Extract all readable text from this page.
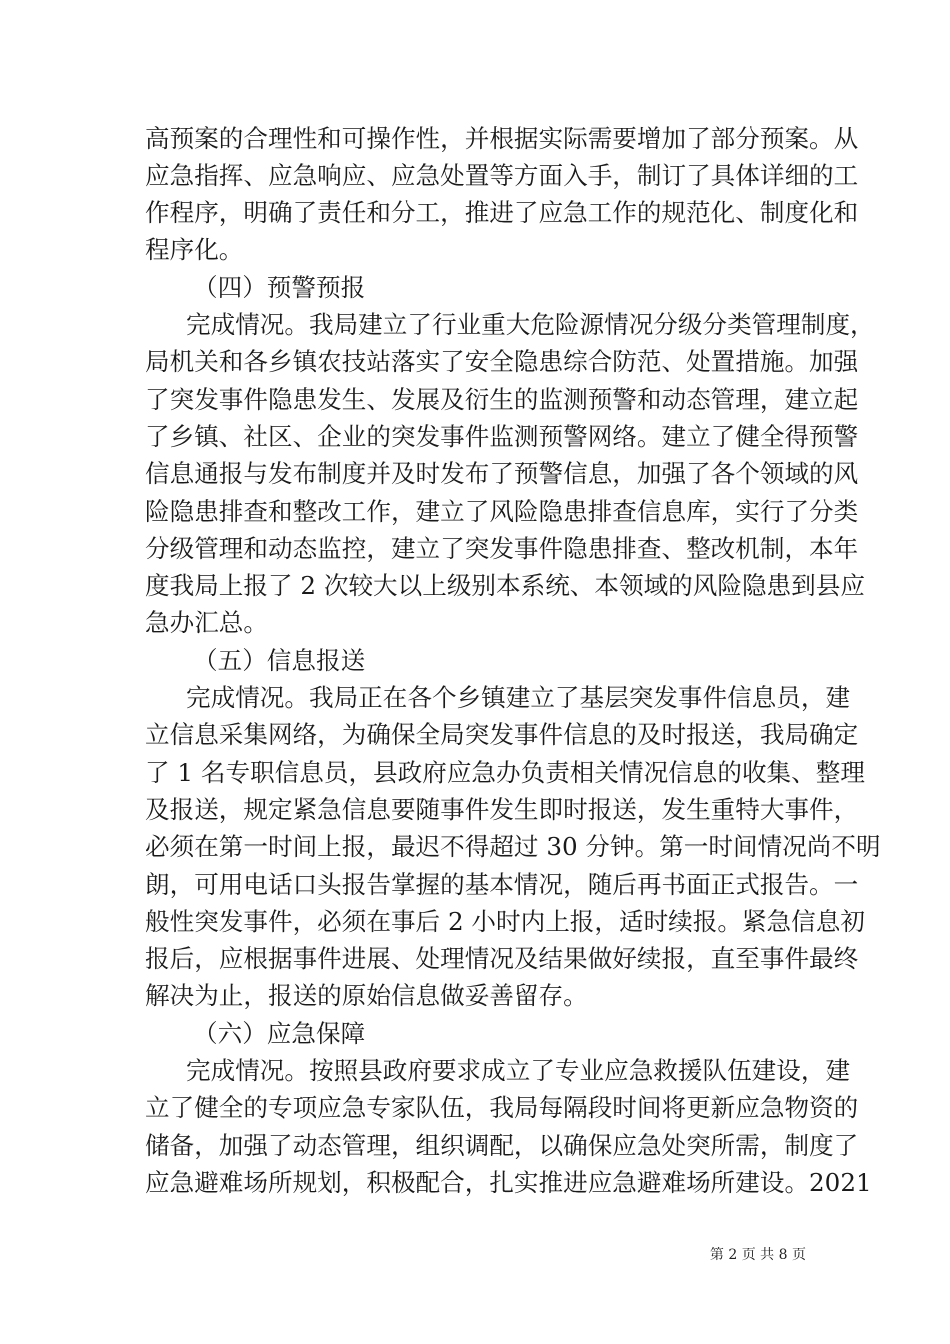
高预案的合理性和可操作性，并根据实际需要增加了部分预案。从
应急指挥、应急响应、应急处置等方面入手，制订了具体详细的工
作程序，明确了责任和分工，推进了应急工作的规范化、制度化和
程序化。
（四）预警预报
完成情况。我局建立了行业重大危险源情况分级分类管理制度，
局机关和各乡镇农技站落实了安全隐患综合防范、处置措施。加强
了突发事件隐患发生、发展及衍生的监测预警和动态管理，建立起
了乡镇、社区、企业的突发事件监测预警网络。建立了健全得预警
信息通报与发布制度并及时发布了预警信息，加强了各个领域的风
险隐患排查和整改工作，建立了风险隐患排查信息库，实行了分类
分级管理和动态监控，建立了突发事件隐患排查、整改机制，本年
度我局上报了 2 次较大以上级别本系统、本领域的风险隐患到县应
急办汇总。
（五）信息报送
完成情况。我局正在各个乡镇建立了基层突发事件信息员，建
立信息采集网络，为确保全局突发事件信息的及时报送，我局确定
了 1 名专职信息员，县政府应急办负责相关情况信息的收集、整理
及报送，规定紧急信息要随事件发生即时报送，发生重特大事件，
必须在第一时间上报，最迟不得超过 30 分钟。第一时间情况尚不明
朗，可用电话口头报告掌握的基本情况，随后再书面正式报告。一
般性突发事件，必须在事后 2 小时内上报，适时续报。紧急信息初
报后，应根据事件进展、处理情况及结果做好续报，直至事件最终
解决为止，报送的原始信息做妥善留存。
（六）应急保障
完成情况。按照县政府要求成立了专业应急救援队伍建设，建
立了健全的专项应急专家队伍，我局每隔段时间将更新应急物资的
储备，加强了动态管理，组织调配，以确保应急处突所需，制度了
应急避难场所规划，积极配合，扎实推进应急避难场所建设。2021
第 2 页 共 8 页
